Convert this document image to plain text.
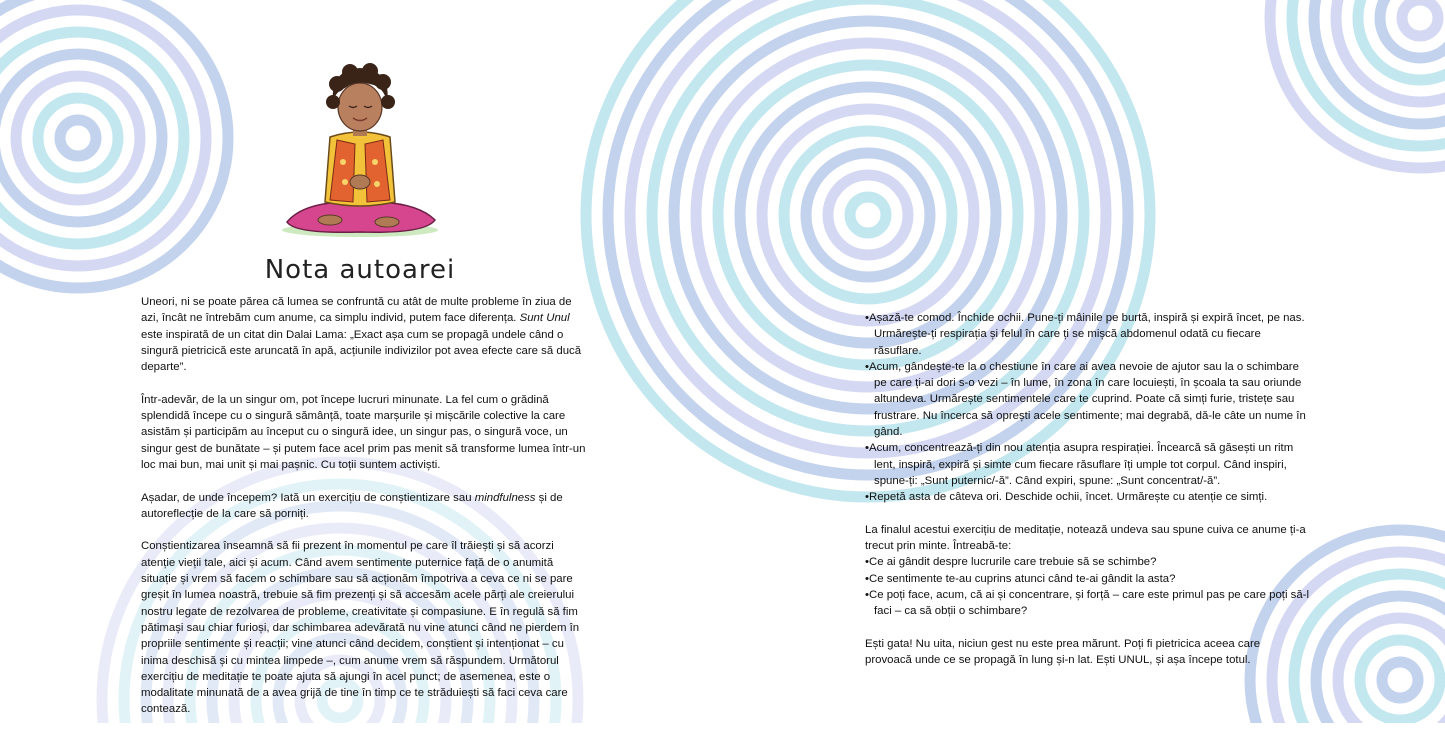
Nota autoarei

Uneori, ni se poate părea că lumea se confruntă cu atât de multe probleme în ziua de azi, încât ne întrebăm cum anume, ca simplu individ, putem face diferența. Sunt Unul este inspirată de un citat din Dalai Lama: „Exact așa cum se propagă undele când o singură pietricică este aruncată în apă, acțiunile indivizilor pot avea efecte care să ducă departe”.

Într-adevăr, de la un singur om, pot începe lucruri minunate. La fel cum o grădină splendidă începe cu o singură sămânță, toate marșurile și mișcările colective la care asistăm și participăm au început cu o singură idee, un singur pas, o singură voce, un singur gest de bunătate – și putem face acel prim pas menit să transforme lumea într-un loc mai bun, mai unit și mai pașnic. Cu toții suntem activiști.

Așadar, de unde începem? Iată un exercițiu de conștientizare sau mindfulness și de autoreflecție de la care să porniți.

Conștientizarea înseamnă să fii prezent în momentul pe care îl trăiești și să acorzi atenție vieții tale, aici și acum. Când avem sentimente puternice față de o anumită situație și vrem să facem o schimbare sau să acționăm împotriva a ceva ce ni se pare greșit în lumea noastră, trebuie să fim prezenți și să accesăm acele părți ale creierului nostru legate de rezolvarea de probleme, creativitate și compasiune. E în regulă să fim pătimași sau chiar furioși, dar schimbarea adevărată nu vine atunci când ne pierdem în propriile sentimente și reacții; vine atunci când decidem, conștient și intenționat – cu inima deschisă și cu mintea limpede –, cum anume vrem să răspundem. Următorul exercițiu de meditație te poate ajuta să ajungi în acel punct; de asemenea, este o modalitate minunată de a avea grijă de tine în timp ce te străduiești să faci ceva care contează.

• Așază-te comod. Închide ochii. Pune-ți mâinile pe burtă, inspiră și expiră încet, pe nas. Urmărește-ți respirația și felul în care ți se mișcă abdomenul odată cu fiecare răsuflare.
• Acum, gândește-te la o chestiune în care ai avea nevoie de ajutor sau la o schimbare pe care ți-ai dori s-o vezi – în lume, în zona în care locuiești, în școala ta sau oriunde altundeva. Urmărește sentimentele care te cuprind. Poate că simți furie, tristețe sau frustrare. Nu încerca să oprești acele sentimente; mai degrabă, dă-le câte un nume în gând.
• Acum, concentrează-ți din nou atenția asupra respirației. Încearcă să găsești un ritm lent, inspiră, expiră și simte cum fiecare răsuflare îți umple tot corpul. Când inspiri, spune-ți: „Sunt puternic/-ă”. Când expiri, spune: „Sunt concentrat/-ă”.
• Repetă asta de câteva ori. Deschide ochii, încet. Urmărește cu atenție ce simți.
La finalul acestui exercițiu de meditație, notează undeva sau spune cuiva ce anume ți-a trecut prin minte. Întreabă-te:
• Ce ai gândit despre lucrurile care trebuie să se schimbe?
• Ce sentimente te-au cuprins atunci când te-ai gândit la asta?
• Ce poți face, acum, că ai și concentrare, și forță – care este primul pas pe care poți să-l faci – ca să obții o schimbare?

Ești gata! Nu uita, niciun gest nu este prea mărunt. Poți fi pietricica aceea care provoacă unde ce se propagă în lung și-n lat. Ești UNUL, și așa începe totul.
